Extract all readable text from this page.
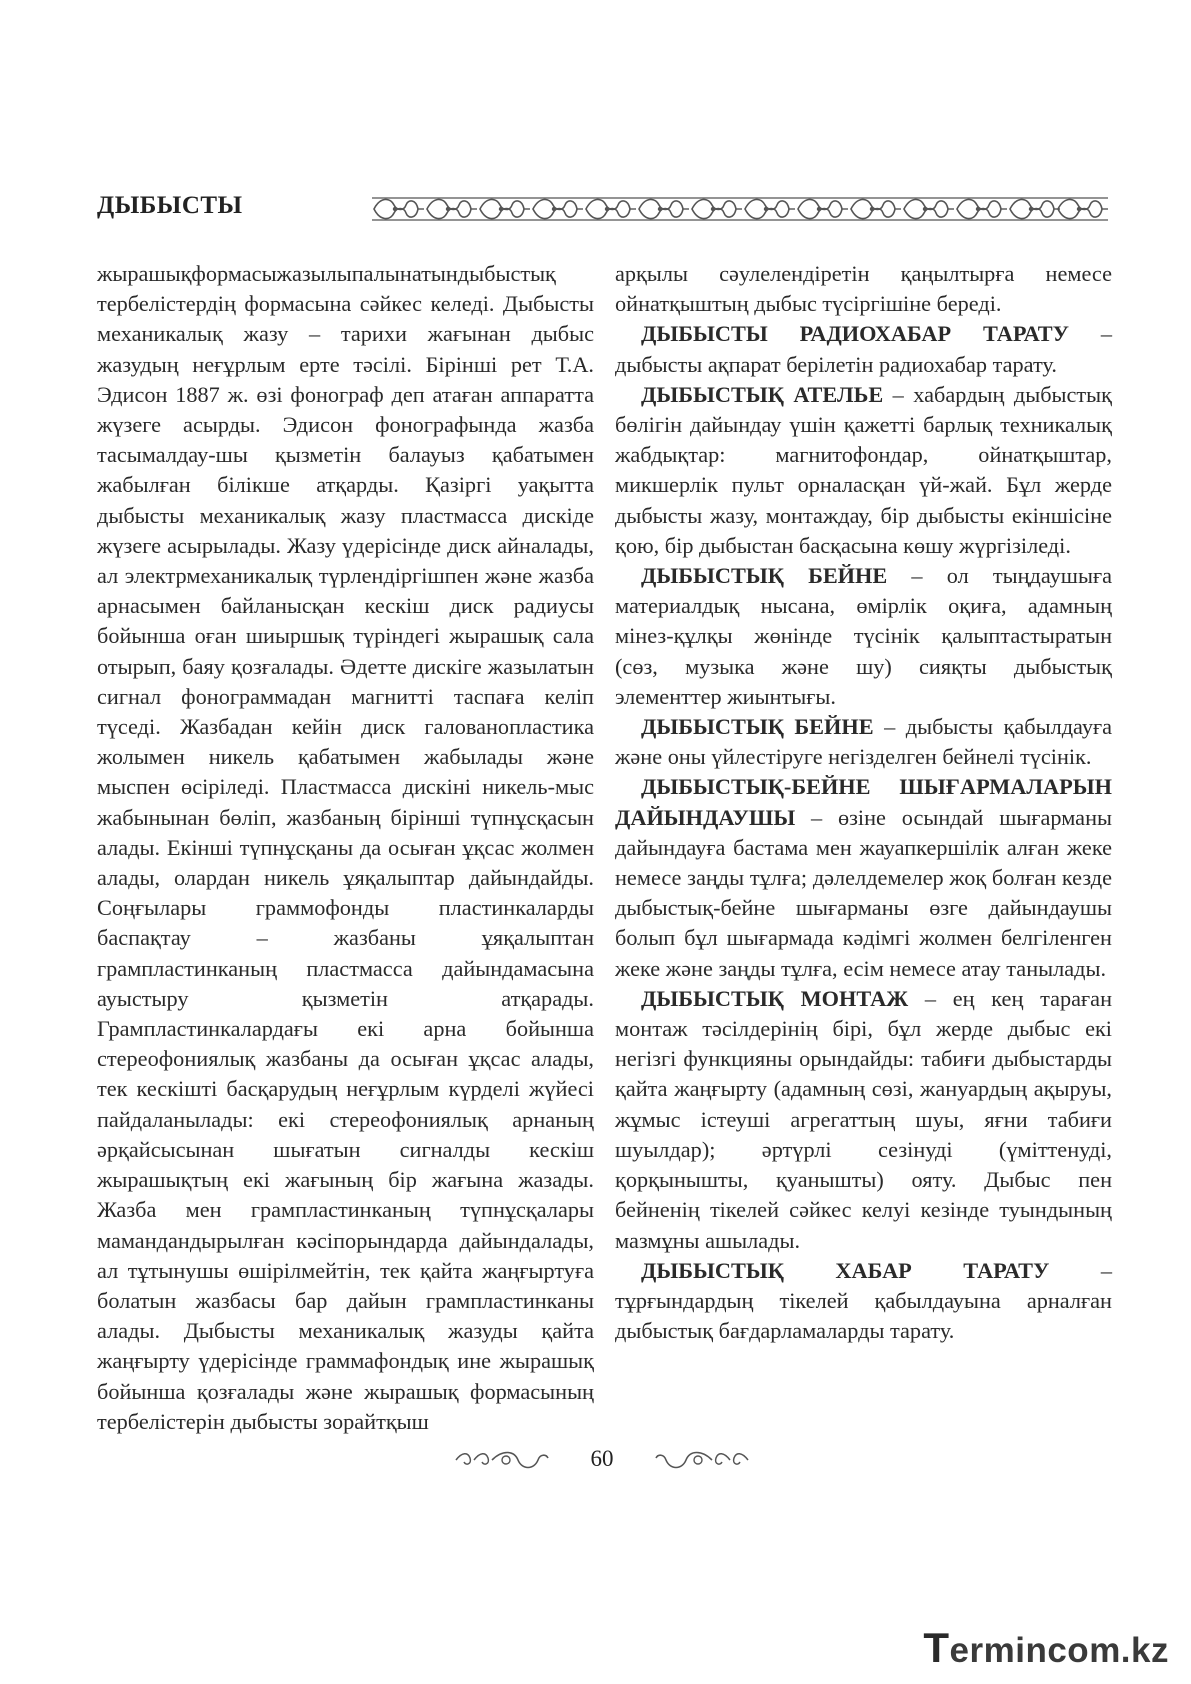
ДЫБЫСТЫ

жырашықформасыжазылыпалынатындыбыстық тербелістердің формасына сәйкес келеді. Дыбысты механикалық жазу – тарихи жағынан дыбыс жазудың неғұрлым ерте тәсілі. Бірінші рет Т.А. Эдисон 1887 ж. өзі фонограф деп атаған аппаратта жүзеге асырды. Эдисон фонографында жазба тасымалдау-шы қызметін балауыз қабатымен жабылған білікше атқарды. Қазіргі уақытта дыбысты механикалық жазу пластмасса дискіде жүзеге асырылады. Жазу үдерісінде диск айналады, ал электрмеханикалық түрлендіргішпен және жазба арнасымен байланысқан кескіш диск радиусы бойынша оған шиыршық түріндегі жырашық сала отырып, баяу қозғалады. Әдетте дискіге жазылатын сигнал фонограммадан магнитті таспаға келіп түседі. Жазбадан кейін диск галованопластика жолымен никель қабатымен жабылады және мыспен өсіріледі. Пластмасса дискіні никель-мыс жабынынан бөліп, жазбаның бірінші түпнұсқасын алады. Екінші түпнұсқаны да осыған ұқсас жолмен алады, олардан никель ұяқалыптар дайындайды. Соңғылары граммофонды пластинкаларды баспақтау – жазбаны ұяқалыптан грампластинканың пластмасса дайындамасына ауыстыру қызметін атқарады. Грампластинкалардағы екі арна бойынша стереофониялық жазбаны да осыған ұқсас алады, тек кескішті басқарудың неғұрлым күрделі жүйесі пайдаланылады: екі стереофониялық арнаның әрқайсысынан шығатын сигналды кескіш жырашықтың екі жағының бір жағына жазады. Жазба мен грампластинканың түпнұсқалары мамандандырылған кәсіпорындарда дайындалады, ал тұтынушы өшірілмейтін, тек қайта жаңғыртуға болатын жазбасы бар дайын грампластинканы алады. Дыбысты механикалық жазуды қайта жаңғырту үдерісінде граммафондық ине жырашық бойынша қозғалады және жырашық формасының тербелістерін дыбысты зорайтқыш

арқылы сәулелендіретін қаңылтырға немесе ойнатқыштың дыбыс түсіргішіне береді.

ДЫБЫСТЫ РАДИОХАБАР ТАРАТУ – дыбысты ақпарат берілетін радиохабар тарату.

ДЫБЫСТЫҚ АТЕЛЬЕ – хабардың дыбыстық бөлігін дайындау үшін қажетті барлық техникалық жабдықтар: магнитофондар, ойнатқыштар, микшерлік пульт орналасқан үй-жай. Бұл жерде дыбысты жазу, монтаждау, бір дыбысты екіншісіне қою, бір дыбыстан басқасына көшу жүргізіледі.

ДЫБЫСТЫҚ БЕЙНЕ – ол тыңдаушыға материалдық нысана, өмірлік оқиға, адамның мінез-құлқы жөнінде түсінік қалыптастыратын (сөз, музыка және шу) сияқты дыбыстық элементтер жиынтығы.

ДЫБЫСТЫҚ БЕЙНЕ – дыбысты қабылдауға және оны үйлестіруге негізделген бейнелі түсінік.

ДЫБЫСТЫҚ-БЕЙНЕ ШЫҒАРМАЛАРЫН ДАЙЫНДАУШЫ – өзіне осындай шығарманы дайындауға бастама мен жауапкершілік алған жеке немесе заңды тұлға; дәлелдемелер жоқ болған кезде дыбыстық-бейне шығарманы өзге дайындаушы болып бұл шығармада кәдімгі жолмен белгіленген жеке және заңды тұлға, есім немесе атау танылады.

ДЫБЫСТЫҚ МОНТАЖ – ең кең тараған монтаж тәсілдерінің бірі, бұл жерде дыбыс екі негізгі функцияны орындайды: табиғи дыбыстарды қайта жаңғырту (адамның сөзі, жануардың ақыруы, жұмыс істеуші агрегаттың шуы, яғни табиғи шуылдар); әртүрлі сезінуді (үміттенуді, қорқынышты, қуанышты) ояту. Дыбыс пен бейненің тікелей сәйкес келуі кезінде туындының мазмұны ашылады.

ДЫБЫСТЫҚ ХАБАР ТАРАТУ – тұрғындардың тікелей қабылдауына арналған дыбыстық бағдарламаларды тарату.

60
Termincom.kz
